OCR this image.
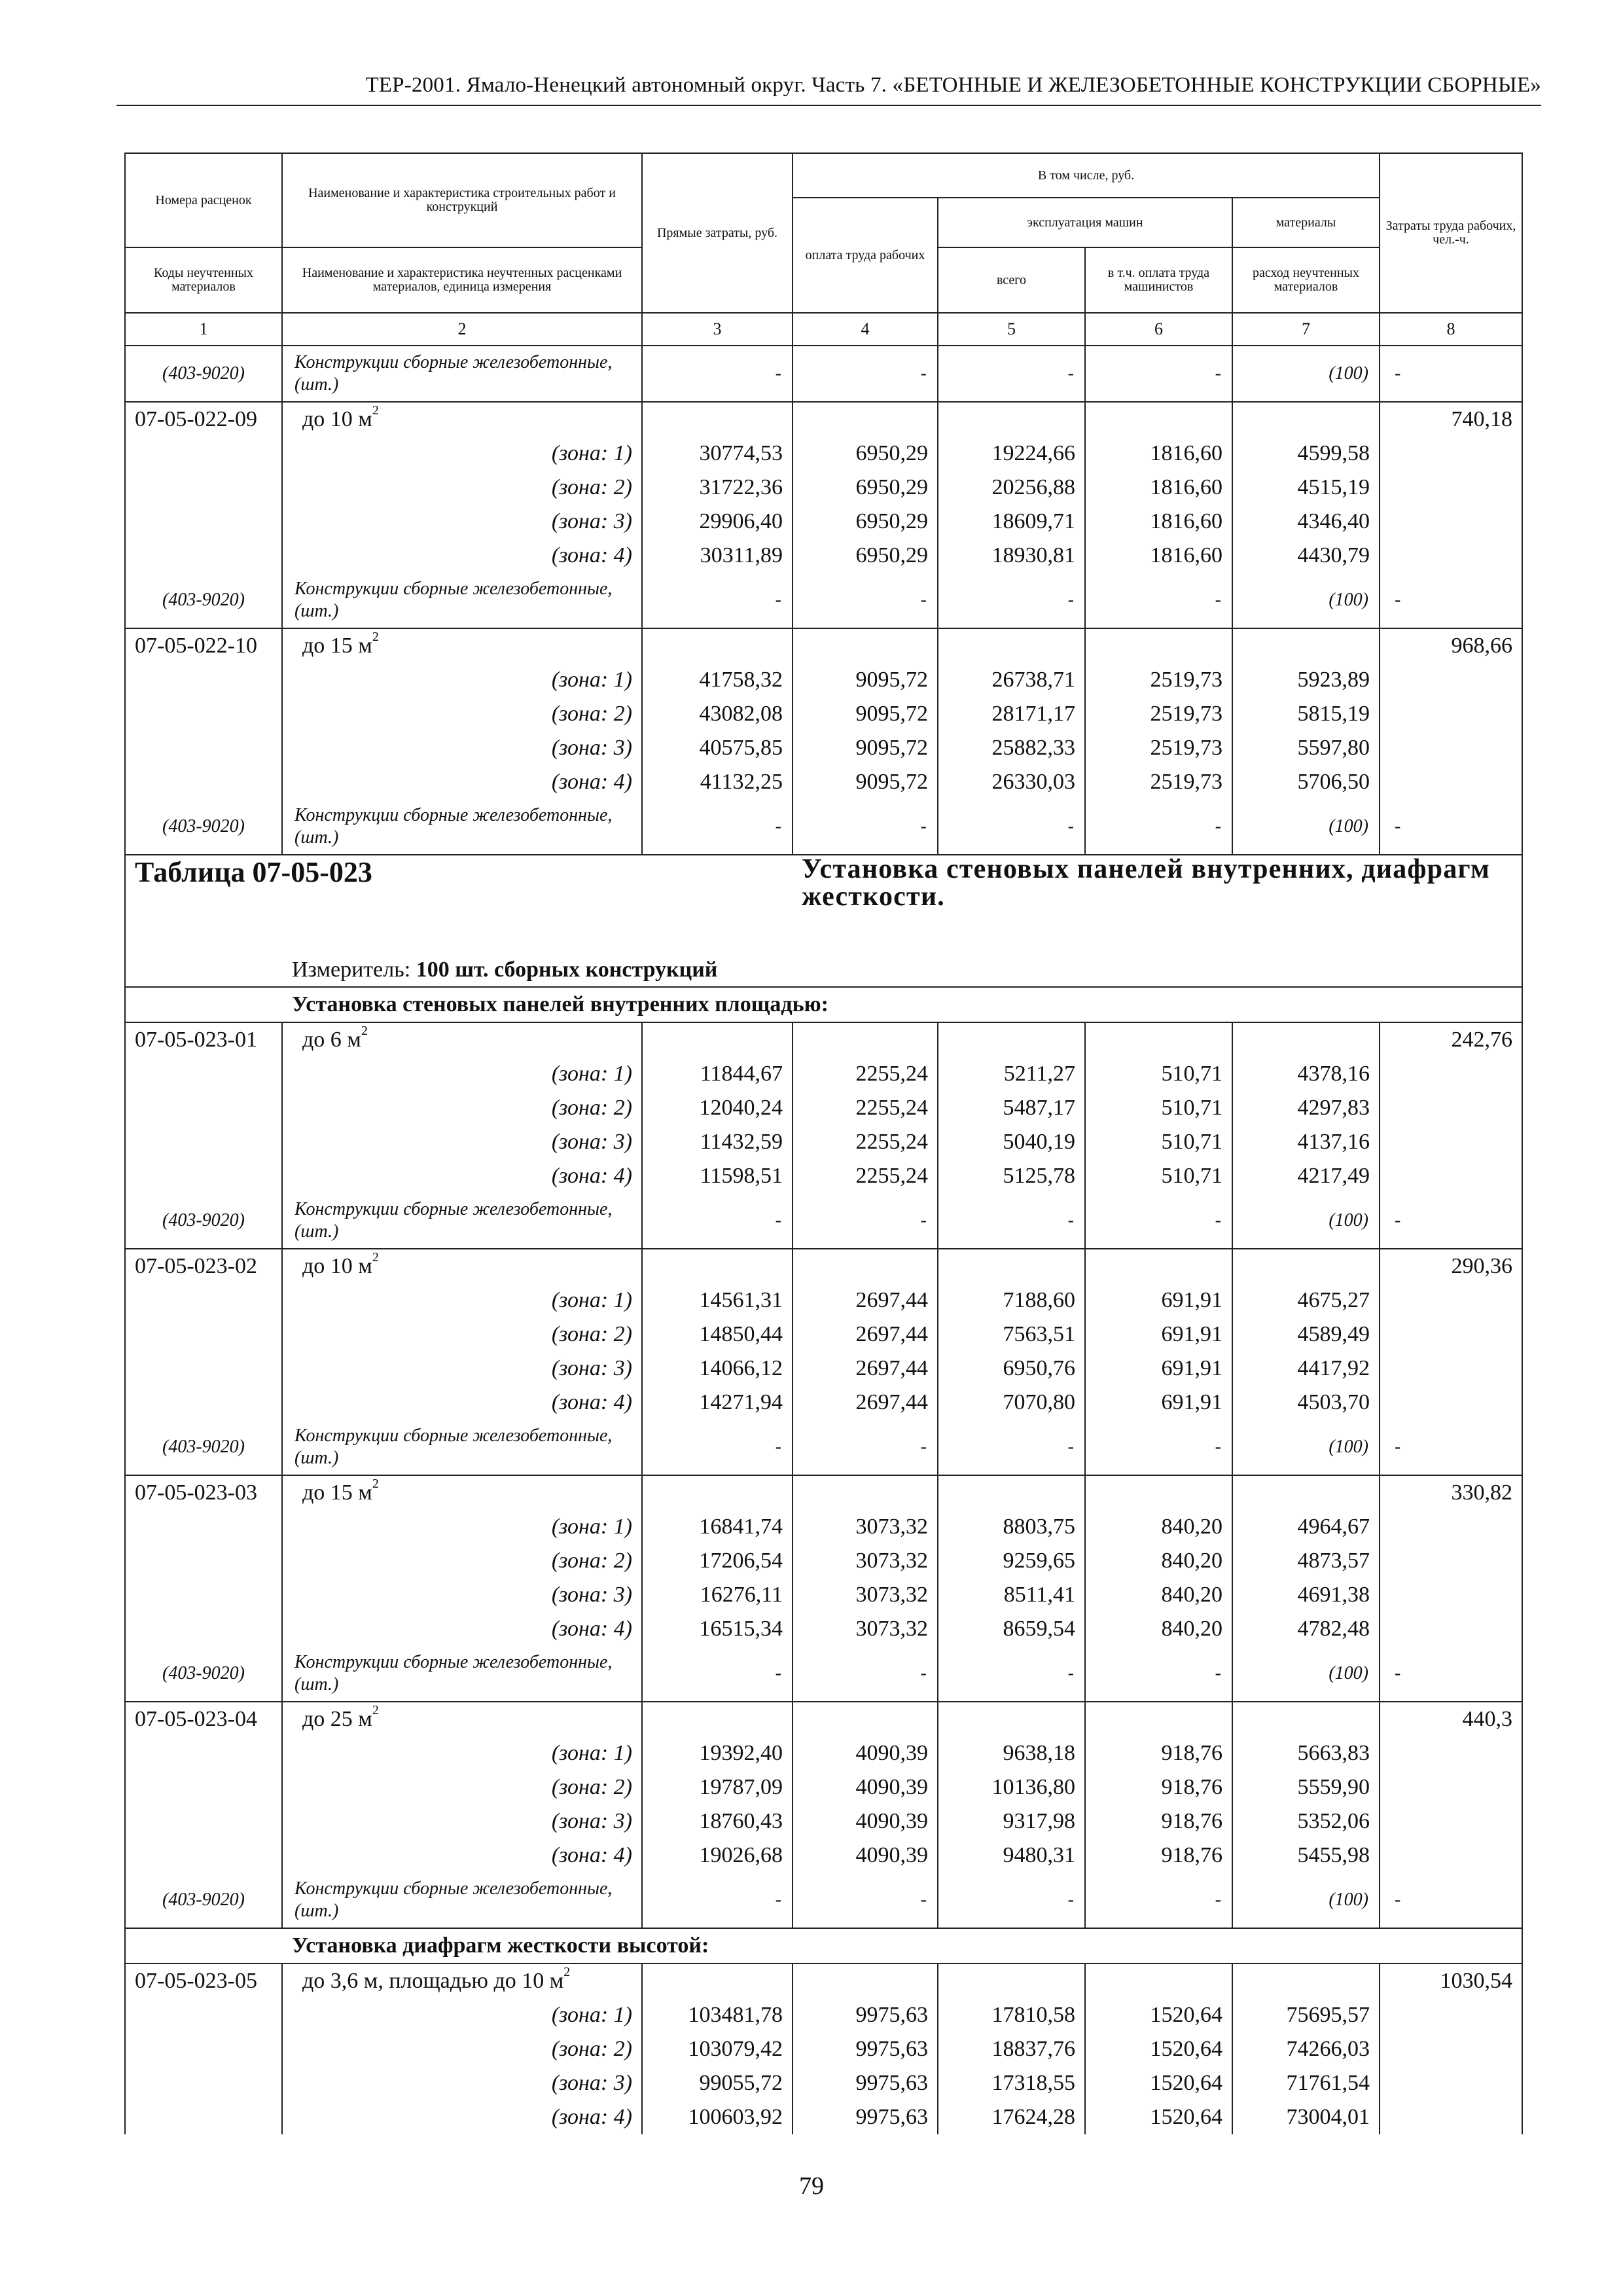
ТЕР-2001. Ямало-Ненецкий автономный округ. Часть 7. «БЕТОННЫЕ И ЖЕЛЕЗОБЕТОННЫЕ КОНСТРУКЦИИ СБОРНЫЕ»
Номера расценок	Наименование и характеристика строительных работ и конструкций	Прямые затраты, руб.	В том числе, руб.				Затраты труда рабочих, чел.-ч.
			оплата труда рабочих	эксплуатация машин		материалы	
Коды неучтенных материалов	Наименование и характеристика неучтенных расценками материалов, единица измерения			всего	в т.ч. оплата труда машинистов	расход неучтенных материалов	

1	2	3	4	5	6	7	8
(403-9020)	Конструкции сборные железобетонные, (шт.)	-	-	-	-	(100)	-
07-05-022-09	до 10 $м^2$						740,18
	(зона: 1)	30774,53	6950,29	19224,66	1816,60	4599,58	
	(зона: 2)	31722,36	6950,29	20256,88	1816,60	4515,19	
	(зона: 3)	29906,40	6950,29	18609,71	1816,60	4346,40	
	(зона: 4)	30311,89	6950,29	18930,81	1816,60	4430,79	
(403-9020)	Конструкции сборные железобетонные, (шт.)	-	-	-	-	(100)	-
07-05-022-10	до 15 $м^2$						968,66
	(зона: 1)	41758,32	9095,72	26738,71	2519,73	5923,89	
	(зона: 2)	43082,08	9095,72	28171,17	2519,73	5815,19	
	(зона: 3)	40575,85	9095,72	25882,33	2519,73	5597,80	
	(зона: 4)	41132,25	9095,72	26330,03	2519,73	5706,50	
(403-9020)	Конструкции сборные железобетонные, (шт.)	-	-	-	-	(100)	-
Таблица 07-05-023			Установка стеновых панелей внутренних, диафрагм жесткости.				
Измеритель: 100 шт. сборных конструкций							
Установка стеновых панелей внутренних площадью:							
07-05-023-01	до 6 $м^2$						242,76
	(зона: 1)	11844,67	2255,24	5211,27	510,71	4378,16	
	(зона: 2)	12040,24	2255,24	5487,17	510,71	4297,83	
	(зона: 3)	11432,59	2255,24	5040,19	510,71	4137,16	
	(зона: 4)	11598,51	2255,24	5125,78	510,71	4217,49	
(403-9020)	Конструкции сборные железобетонные, (шт.)	-	-	-	-	(100)	-
07-05-023-02	до 10 $м^2$						290,36
	(зона: 1)	14561,31	2697,44	7188,60	691,91	4675,27	
	(зона: 2)	14850,44	2697,44	7563,51	691,91	4589,49	
	(зона: 3)	14066,12	2697,44	6950,76	691,91	4417,92	
	(зона: 4)	14271,94	2697,44	7070,80	691,91	4503,70	
(403-9020)	Конструкции сборные железобетонные, (шт.)	-	-	-	-	(100)	-
07-05-023-03	до 15 $м^2$						330,82
	(зона: 1)	16841,74	3073,32	8803,75	840,20	4964,67	
	(зона: 2)	17206,54	3073,32	9259,65	840,20	4873,57	
	(зона: 3)	16276,11	3073,32	8511,41	840,20	4691,38	
	(зона: 4)	16515,34	3073,32	8659,54	840,20	4782,48	
(403-9020)	Конструкции сборные железобетонные, (шт.)	-	-	-	-	(100)	-
07-05-023-04	до 25 $м^2$						440,3
	(зона: 1)	19392,40	4090,39	9638,18	918,76	5663,83	
	(зона: 2)	19787,09	4090,39	10136,80	918,76	5559,90	
	(зона: 3)	18760,43	4090,39	9317,98	918,76	5352,06	
	(зона: 4)	19026,68	4090,39	9480,31	918,76	5455,98	
(403-9020)	Конструкции сборные железобетонные, (шт.)	-	-	-	-	(100)	-
Установка диафрагм жесткости высотой:							
07-05-023-05	до 3,6 м, площадью до 10 $м^2$						1030,54
	(зона: 1)	103481,78	9975,63	17810,58	1520,64	75695,57	
	(зона: 2)	103079,42	9975,63	18837,76	1520,64	74266,03	
	(зона: 3)	99055,72	9975,63	17318,55	1520,64	71761,54	
	(зона: 4)	100603,92	9975,63	17624,28	1520,64	73004,01	
79
